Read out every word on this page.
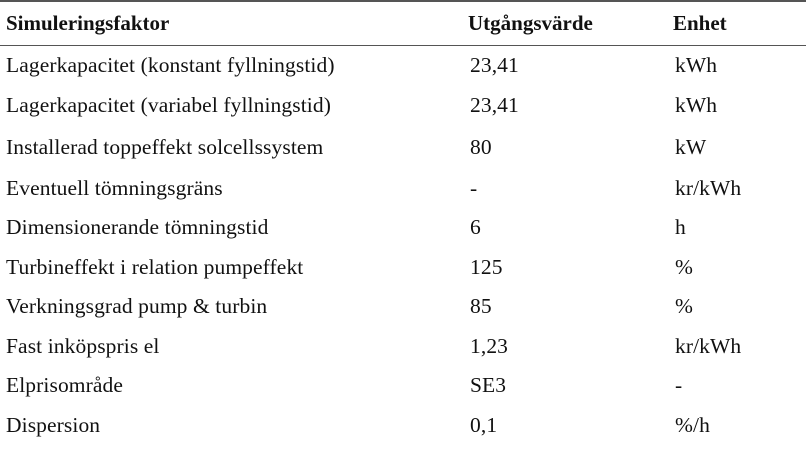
Simuleringsfaktor	Utgångsvärde	Enhet
Lagerkapacitet (konstant fyllningstid)	23,41	kWh
Lagerkapacitet (variabel fyllningstid)	23,41	kWh
Installerad toppeffekt solcellssystem	80	kW
Eventuell tömningsgräns	-	kr/kWh
Dimensionerande tömningstid	6	h
Turbineffekt i relation pumpeffekt	125	%
Verkningsgrad pump & turbin	85	%
Fast inköpspris el	1,23	kr/kWh
Elprisområde	SE3	-
Dispersion	0,1	%/h
